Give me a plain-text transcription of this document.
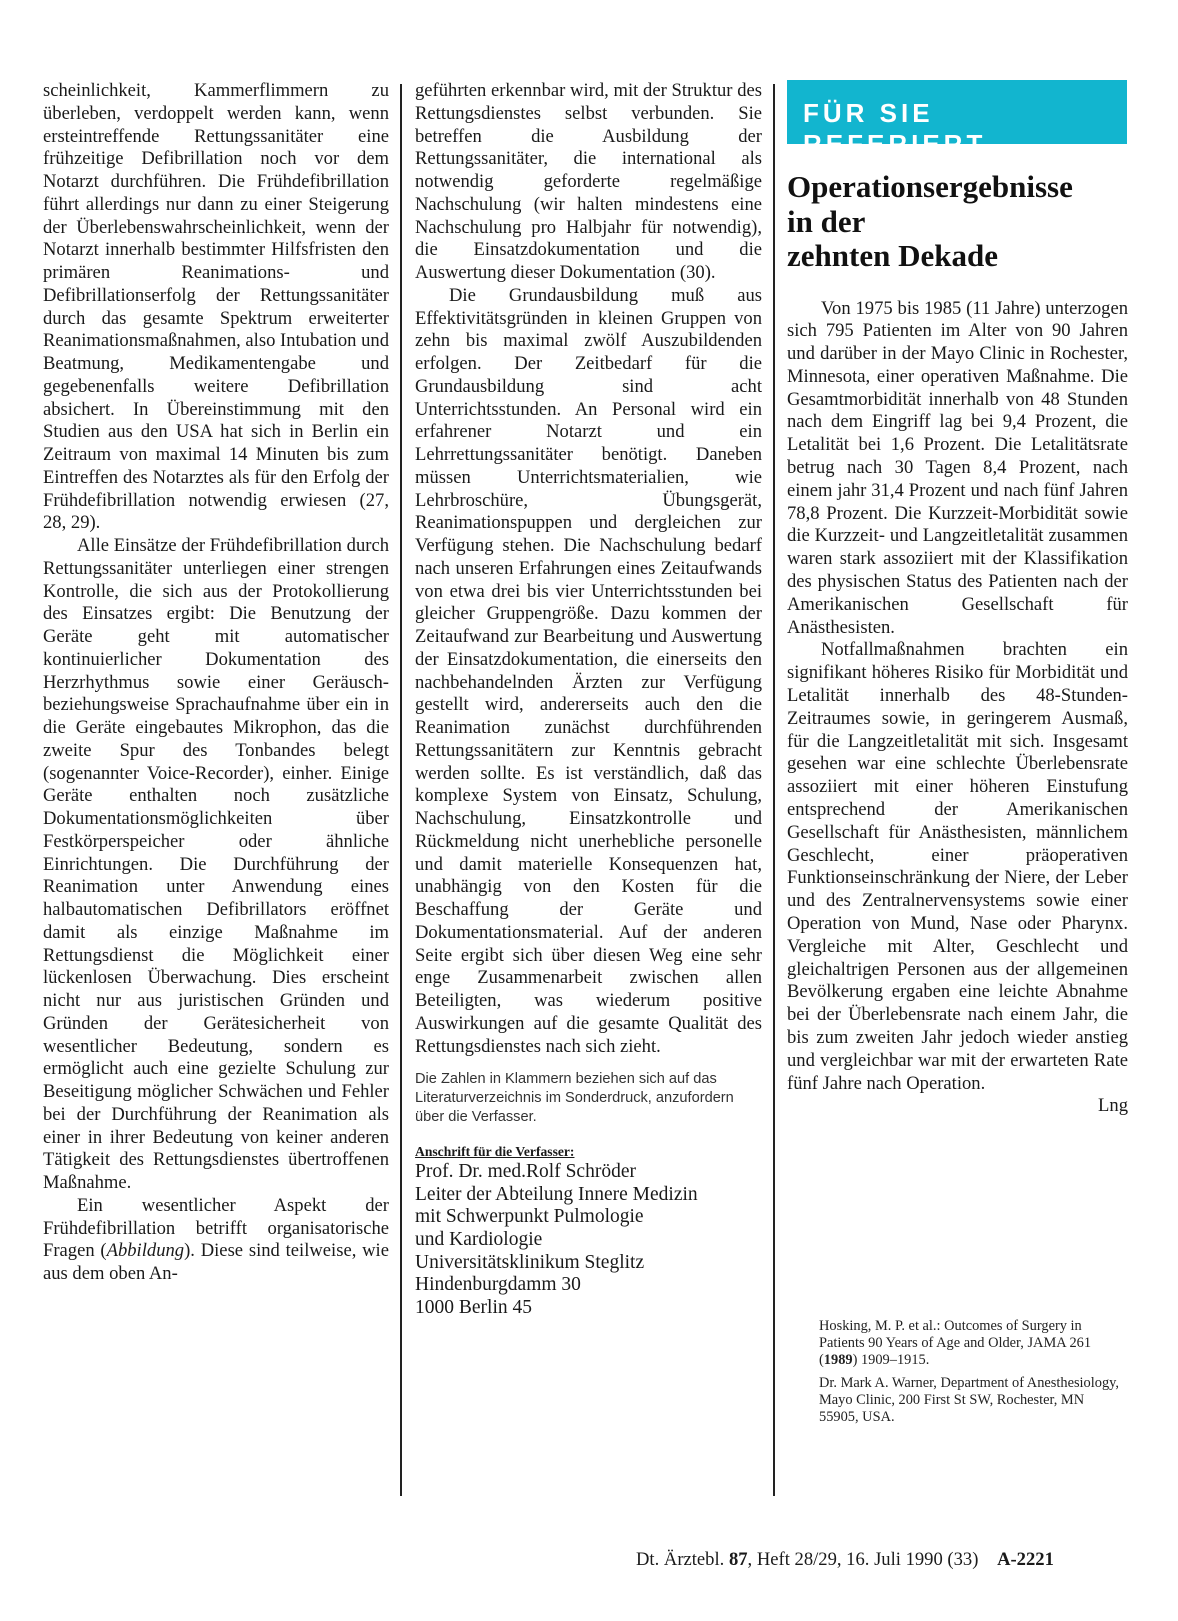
scheinlichkeit, Kammerflimmern zu überleben, verdoppelt werden kann, wenn ersteintreffende Rettungssanitäter eine frühzeitige Defibrillation noch vor dem Notarzt durchführen. Die Frühdefibrillation führt allerdings nur dann zu einer Steigerung der Überlebenswahrscheinlichkeit, wenn der Notarzt innerhalb bestimmter Hilfsfristen den primären Reanimations- und Defibrillationserfolg der Rettungssanitäter durch das gesamte Spektrum erweiterter Reanimationsmaßnahmen, also Intubation und Beatmung, Medikamentengabe und gegebenenfalls weitere Defibrillation absichert. In Übereinstimmung mit den Studien aus den USA hat sich in Berlin ein Zeitraum von maximal 14 Minuten bis zum Eintreffen des Notarztes als für den Erfolg der Frühdefibrillation notwendig erwiesen (27, 28, 29).

Alle Einsätze der Frühdefibrillation durch Rettungssanitäter unterliegen einer strengen Kontrolle, die sich aus der Protokollierung des Einsatzes ergibt: Die Benutzung der Geräte geht mit automatischer kontinuierlicher Dokumentation des Herzrhythmus sowie einer Geräusch- beziehungsweise Sprachaufnahme über ein in die Geräte eingebautes Mikrophon, das die zweite Spur des Tonbandes belegt (sogenannter Voice-Recorder), einher. Einige Geräte enthalten noch zusätzliche Dokumentationsmöglichkeiten über Festkörperspeicher oder ähnliche Einrichtungen. Die Durchführung der Reanimation unter Anwendung eines halbautomatischen Defibrillators eröffnet damit als einzige Maßnahme im Rettungsdienst die Möglichkeit einer lückenlosen Überwachung. Dies erscheint nicht nur aus juristischen Gründen und Gründen der Gerätesicherheit von wesentlicher Bedeutung, sondern es ermöglicht auch eine gezielte Schulung zur Beseitigung möglicher Schwächen und Fehler bei der Durchführung der Reanimation als einer in ihrer Bedeutung von keiner anderen Tätigkeit des Rettungsdienstes übertroffenen Maßnahme.

Ein wesentlicher Aspekt der Frühdefibrillation betrifft organisatorische Fragen (Abbildung). Diese sind teilweise, wie aus dem oben An-

geführten erkennbar wird, mit der Struktur des Rettungsdienstes selbst verbunden. Sie betreffen die Ausbildung der Rettungssanitäter, die international als notwendig geforderte regelmäßige Nachschulung (wir halten mindestens eine Nachschulung pro Halbjahr für notwendig), die Einsatzdokumentation und die Auswertung dieser Dokumentation (30).

Die Grundausbildung muß aus Effektivitätsgründen in kleinen Gruppen von zehn bis maximal zwölf Auszubildenden erfolgen. Der Zeitbedarf für die Grundausbildung sind acht Unterrichtsstunden. An Personal wird ein erfahrener Notarzt und ein Lehrrettungssanitäter benötigt. Daneben müssen Unterrichtsmaterialien, wie Lehrbroschüre, Übungsgerät, Reanimationspuppen und dergleichen zur Verfügung stehen. Die Nachschulung bedarf nach unseren Erfahrungen eines Zeitaufwands von etwa drei bis vier Unterrichtsstunden bei gleicher Gruppengröße. Dazu kommen der Zeitaufwand zur Bearbeitung und Auswertung der Einsatzdokumentation, die einerseits den nachbehandelnden Ärzten zur Verfügung gestellt wird, andererseits auch den die Reanimation zunächst durchführenden Rettungssanitätern zur Kenntnis gebracht werden sollte. Es ist verständlich, daß das komplexe System von Einsatz, Schulung, Nachschulung, Einsatzkontrolle und Rückmeldung nicht unerhebliche personelle und damit materielle Konsequenzen hat, unabhängig von den Kosten für die Beschaffung der Geräte und Dokumentationsmaterial. Auf der anderen Seite ergibt sich über diesen Weg eine sehr enge Zusammenarbeit zwischen allen Beteiligten, was wiederum positive Auswirkungen auf die gesamte Qualität des Rettungsdienstes nach sich zieht.

Die Zahlen in Klammern beziehen sich auf das Literaturverzeichnis im Sonderdruck, anzufordern über die Verfasser.
Anschrift für die Verfasser:
Prof. Dr. med.Rolf Schröder
Leiter der Abteilung Innere Medizin
mit Schwerpunkt Pulmologie
und Kardiologie
Universitätsklinikum Steglitz
Hindenburgdamm 30
1000 Berlin 45
FÜR SIE REFERIERT
Operationsergebnisse
in der
zehnten Dekade

Von 1975 bis 1985 (11 Jahre) unterzogen sich 795 Patienten im Alter von 90 Jahren und darüber in der Mayo Clinic in Rochester, Minnesota, einer operativen Maßnahme. Die Gesamtmorbidität innerhalb von 48 Stunden nach dem Eingriff lag bei 9,4 Prozent, die Letalität bei 1,6 Prozent. Die Letalitätsrate betrug nach 30 Tagen 8,4 Prozent, nach einem jahr 31,4 Prozent und nach fünf Jahren 78,8 Prozent. Die Kurzzeit-Morbidität sowie die Kurzzeit- und Langzeitletalität zusammen waren stark assoziiert mit der Klassifikation des physischen Status des Patienten nach der Amerikanischen Gesellschaft für Anästhesisten.

Notfallmaßnahmen brachten ein signifikant höheres Risiko für Morbidität und Letalität innerhalb des 48-Stunden-Zeitraumes sowie, in geringerem Ausmaß, für die Langzeitletalität mit sich. Insgesamt gesehen war eine schlechte Überlebensrate assoziiert mit einer höheren Einstufung entsprechend der Amerikanischen Gesellschaft für Anästhesisten, männlichem Geschlecht, einer präoperativen Funktionseinschränkung der Niere, der Leber und des Zentralnervensystems sowie einer Operation von Mund, Nase oder Pharynx. Vergleiche mit Alter, Geschlecht und gleichaltrigen Personen aus der allgemeinen Bevölkerung ergaben eine leichte Abnahme bei der Überlebensrate nach einem Jahr, die bis zum zweiten Jahr jedoch wieder anstieg und vergleichbar war mit der erwarteten Rate fünf Jahre nach Operation.

Lng

Hosking, M. P. et al.: Outcomes of Surgery in Patients 90 Years of Age and Older, JAMA 261 (1989) 1909–1915.

Dr. Mark A. Warner, Department of Anesthesiology, Mayo Clinic, 200 First St SW, Rochester, MN 55905, USA.

Dt. Ärztebl. 87, Heft 28/29, 16. Juli 1990 (33) A-2221
